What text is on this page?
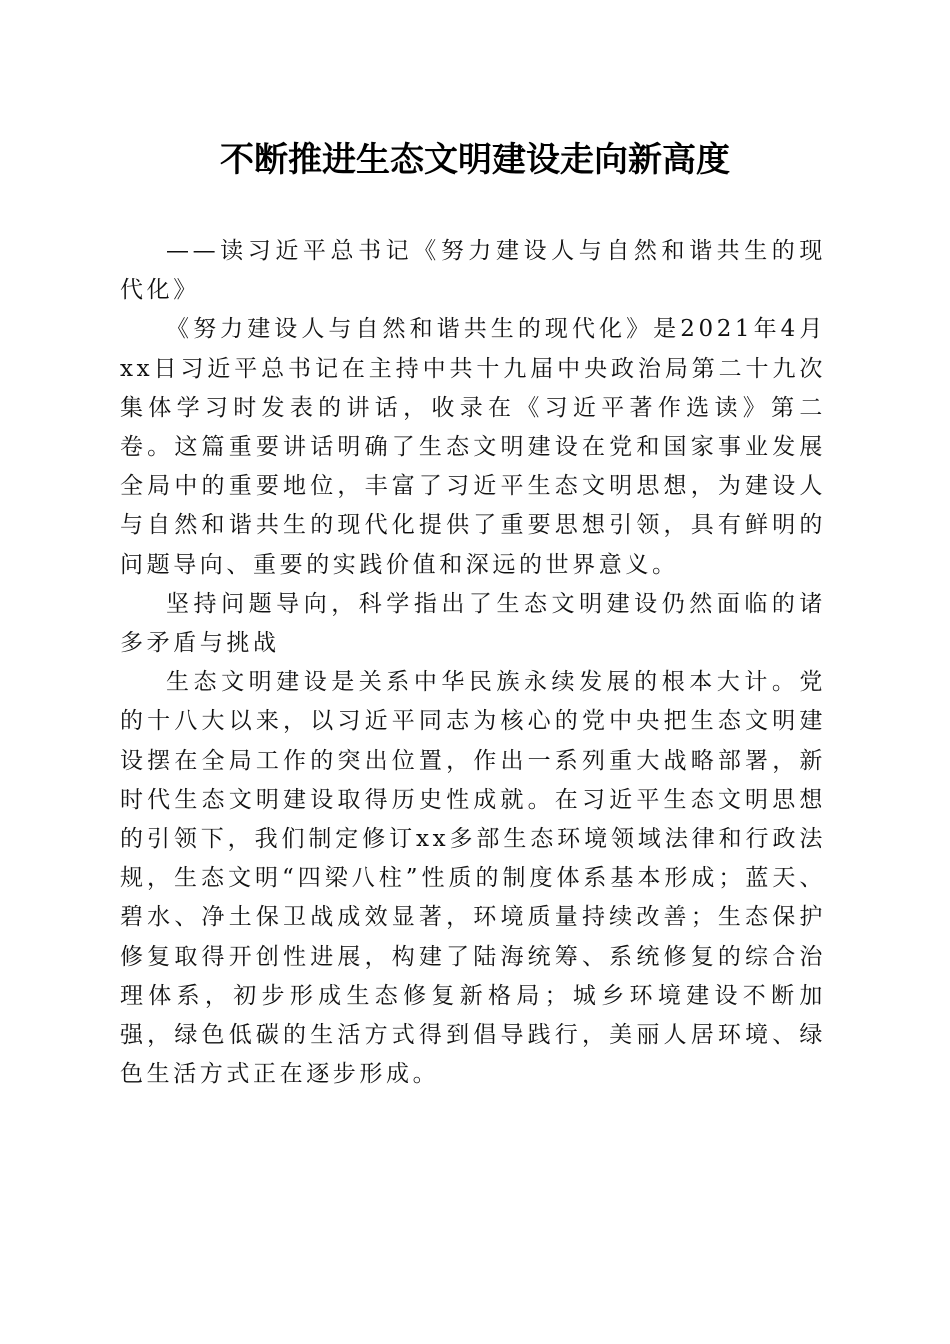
不断推进生态文明建设走向新高度

——读习近平总书记《努力建设人与自然和谐共生的现代化》

《努力建设人与自然和谐共生的现代化》是2021年4月xx日习近平总书记在主持中共十九届中央政治局第二十九次集体学习时发表的讲话，收录在《习近平著作选读》第二卷。这篇重要讲话明确了生态文明建设在党和国家事业发展全局中的重要地位，丰富了习近平生态文明思想，为建设人与自然和谐共生的现代化提供了重要思想引领，具有鲜明的问题导向、重要的实践价值和深远的世界意义。

坚持问题导向，科学指出了生态文明建设仍然面临的诸多矛盾与挑战

生态文明建设是关系中华民族永续发展的根本大计。党的十八大以来，以习近平同志为核心的党中央把生态文明建设摆在全局工作的突出位置，作出一系列重大战略部署，新时代生态文明建设取得历史性成就。在习近平生态文明思想的引领下，我们制定修订xx多部生态环境领域法律和行政法规，生态文明“四梁八柱”性质的制度体系基本形成；蓝天、碧水、净土保卫战成效显著，环境质量持续改善；生态保护修复取得开创性进展，构建了陆海统筹、系统修复的综合治理体系，初步形成生态修复新格局；城乡环境建设不断加强，绿色低碳的生活方式得到倡导践行，美丽人居环境、绿色生活方式正在逐步形成。
